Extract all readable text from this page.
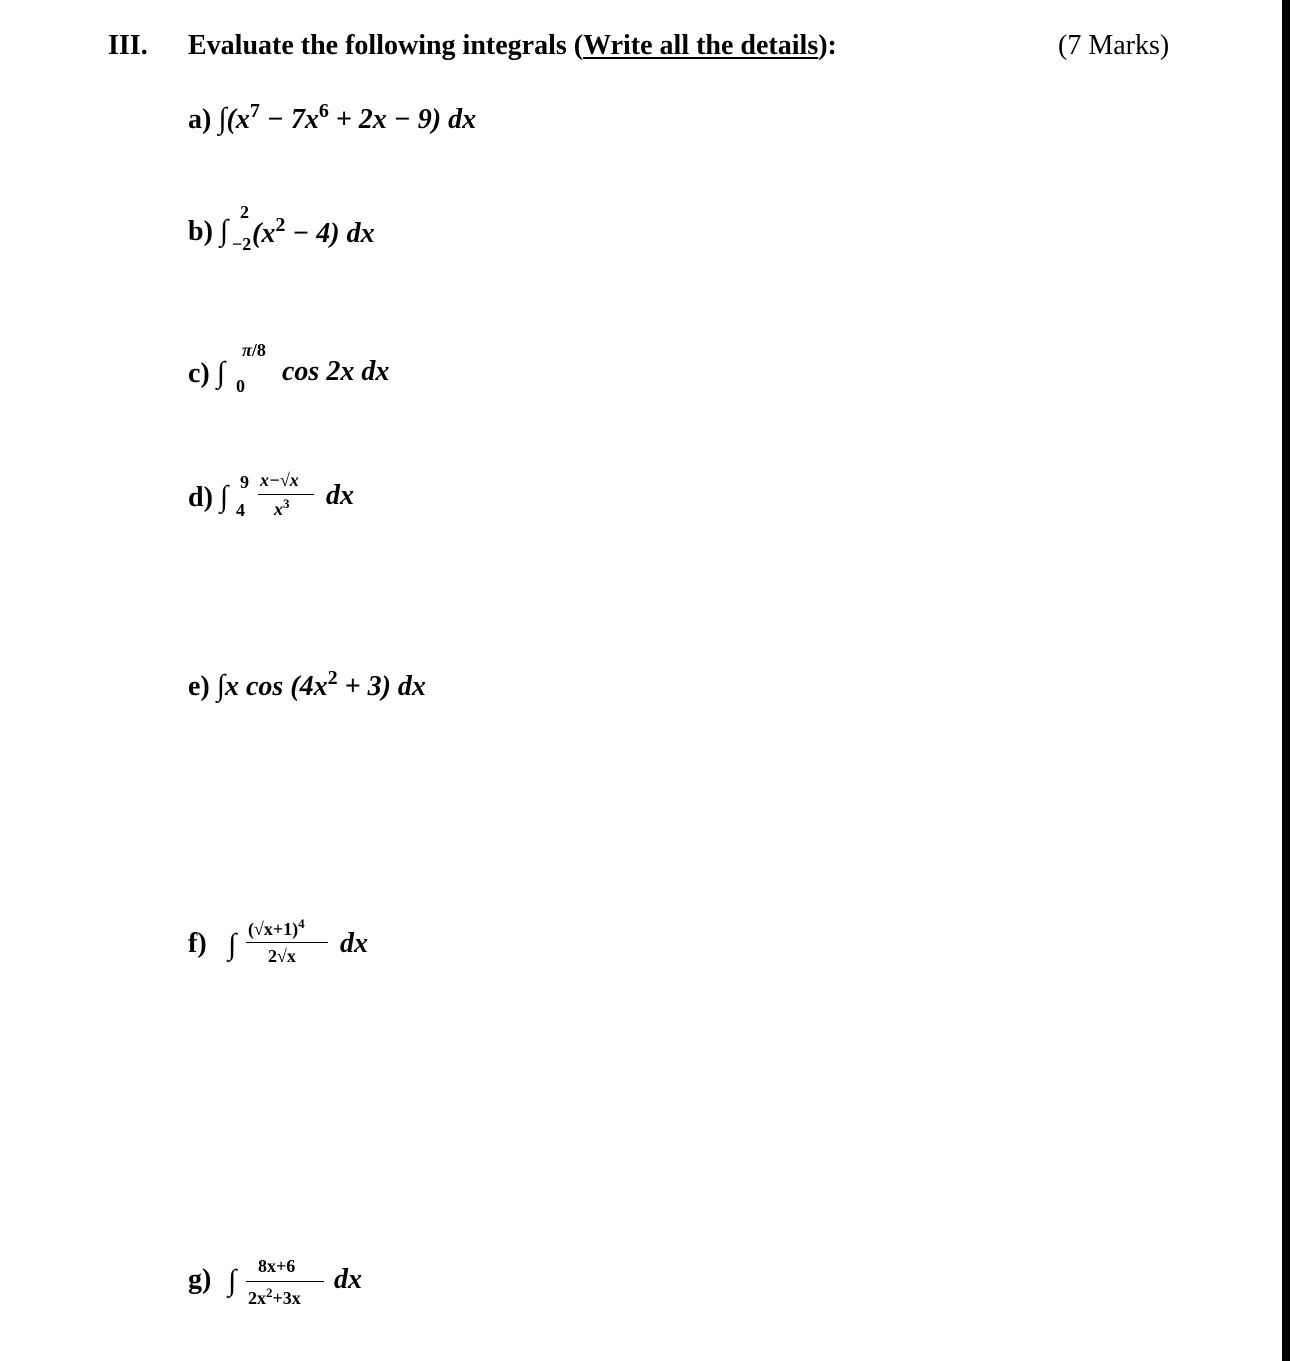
III. Evaluate the following integrals (Write all the details):	(7 Marks)
a) $\int(x^7 - 7x^6 + 2x - 9)$ dx
b) ∫
2
−2 $(x^2 - 4)$ dx
c) ∫
π/8
0 cos 2x dx
d) ∫ 9
4
x−√x
$x^3$ dx
e) ∫x $\cos (4x^2 + 3)$ dx
f) ∫ $(√x+1)^4$
2√x dx
g) ∫ 8x+6
$2x^2+3x$
dx
